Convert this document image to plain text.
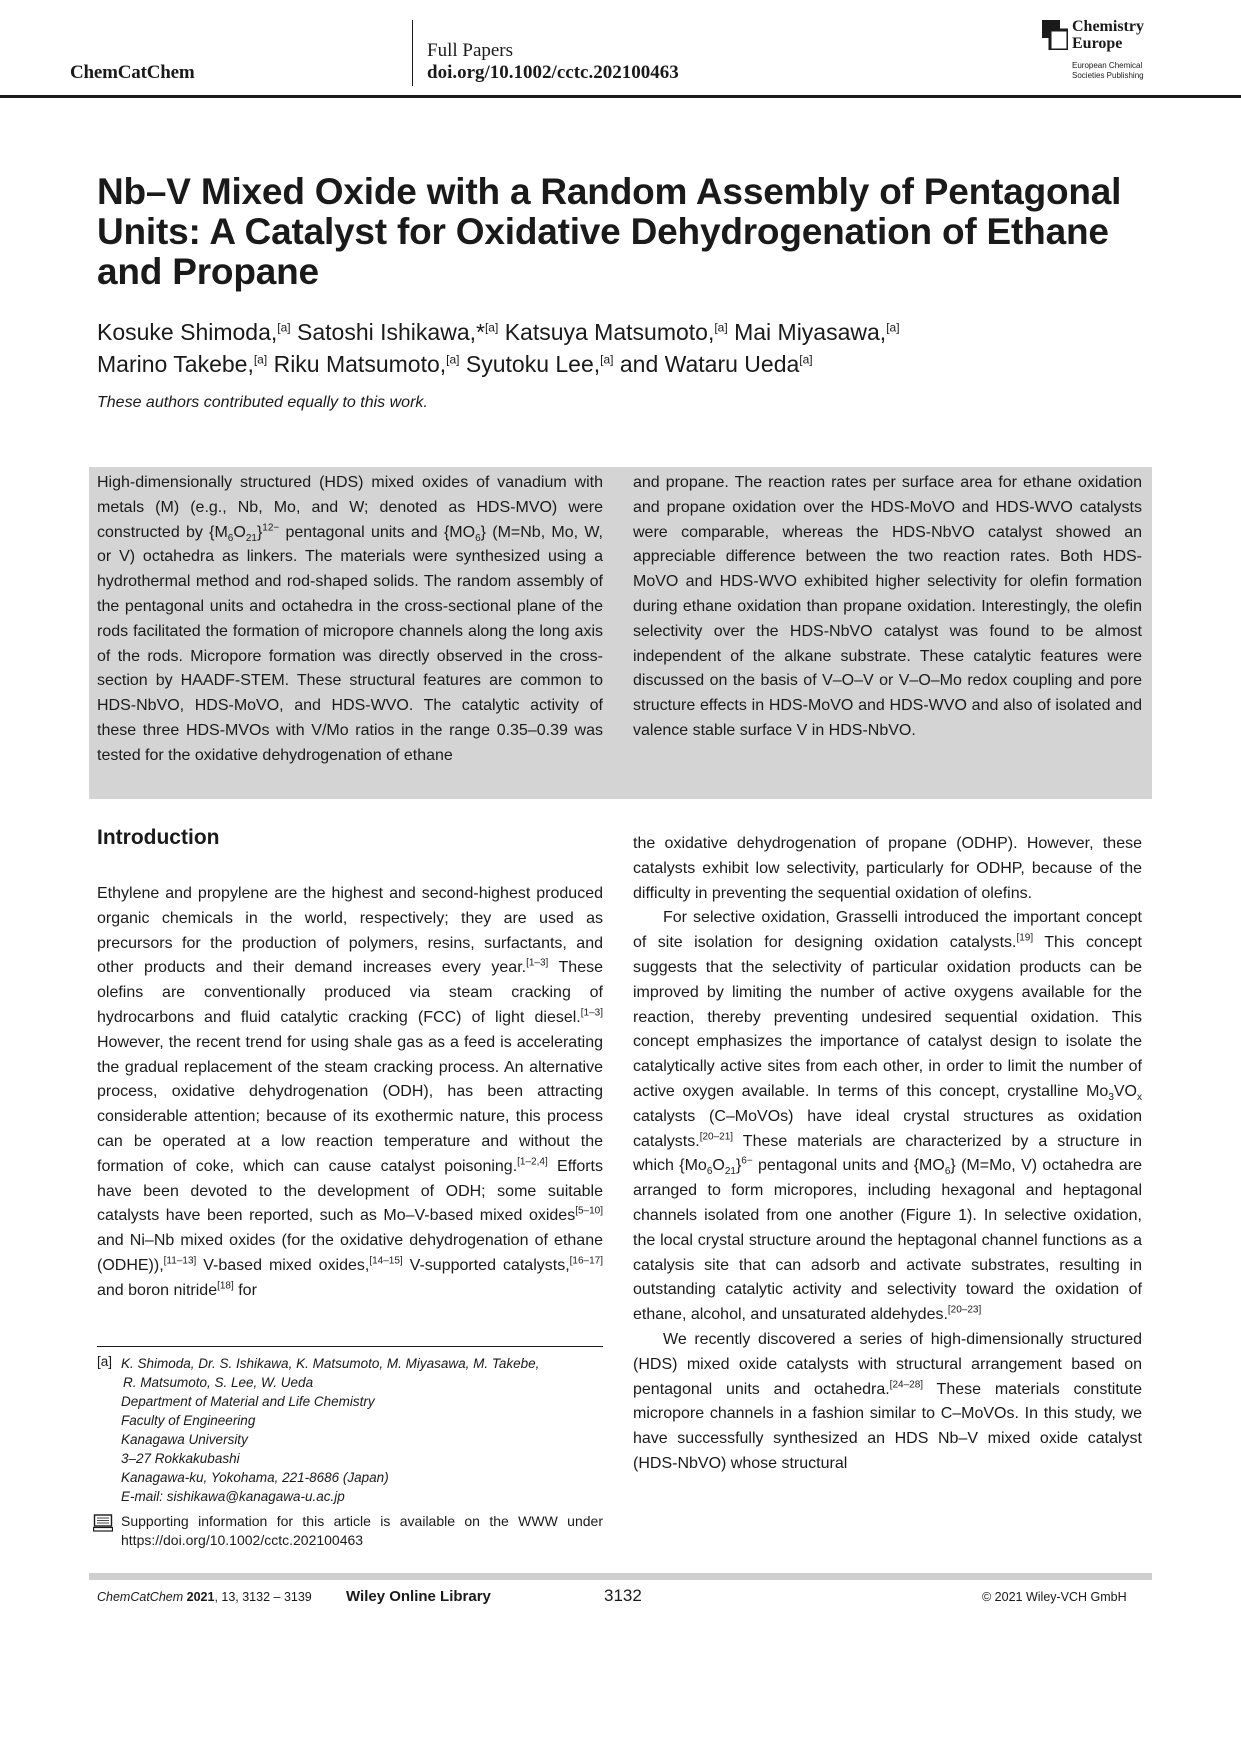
ChemCatChem
Full Papers
doi.org/10.1002/cctc.202100463
Chemistry
Europe
European Chemical
Societies Publishing
Nb–V Mixed Oxide with a Random Assembly of Pentagonal Units: A Catalyst for Oxidative Dehydrogenation of Ethane and Propane
Kosuke Shimoda,[a] Satoshi Ishikawa,*[a] Katsuya Matsumoto,[a] Mai Miyasawa,[a]
Marino Takebe,[a] Riku Matsumoto,[a] Syutoku Lee,[a] and Wataru Ueda[a]
These authors contributed equally to this work.

High-dimensionally structured (HDS) mixed oxides of vanadium with metals (M) (e.g., Nb, Mo, and W; denoted as HDS-MVO) were constructed by $\{M_6O_{21}\}^{12-}$ pentagonal units and $\{MO_6\}$ (M=Nb, Mo, W, or V) octahedra as linkers. The materials were synthesized using a hydrothermal method and rod-shaped solids. The random assembly of the pentagonal units and octahedra in the cross-sectional plane of the rods facilitated the formation of micropore channels along the long axis of the rods. Micropore formation was directly observed in the cross-section by HAADF-STEM. These structural features are common to HDS-NbVO, HDS-MoVO, and HDS-WVO. The catalytic activity of these three HDS-MVOs with V/Mo ratios in the range 0.35–0.39 was tested for the oxidative dehydrogenation of ethane

and propane. The reaction rates per surface area for ethane oxidation and propane oxidation over the HDS-MoVO and HDS-WVO catalysts were comparable, whereas the HDS-NbVO catalyst showed an appreciable difference between the two reaction rates. Both HDS-MoVO and HDS-WVO exhibited higher selectivity for olefin formation during ethane oxidation than propane oxidation. Interestingly, the olefin selectivity over the HDS-NbVO catalyst was found to be almost independent of the alkane substrate. These catalytic features were discussed on the basis of V–O–V or V–O–Mo redox coupling and pore structure effects in HDS-MoVO and HDS-WVO and also of isolated and valence stable surface V in HDS-NbVO.

Introduction

Ethylene and propylene are the highest and second-highest produced organic chemicals in the world, respectively; they are used as precursors for the production of polymers, resins, surfactants, and other products and their demand increases every year.[1–3] These olefins are conventionally produced via steam cracking of hydrocarbons and fluid catalytic cracking (FCC) of light diesel.[1–3] However, the recent trend for using shale gas as a feed is accelerating the gradual replacement of the steam cracking process. An alternative process, oxidative dehydrogenation (ODH), has been attracting considerable attention; because of its exothermic nature, this process can be operated at a low reaction temperature and without the formation of coke, which can cause catalyst poisoning.[1–2,4] Efforts have been devoted to the development of ODH; some suitable catalysts have been reported, such as Mo–V-based mixed oxides[5–10] and Ni–Nb mixed oxides (for the oxidative dehydrogenation of ethane (ODHE)),[11–13] V-based mixed oxides,[14–15] V-supported catalysts,[16–17] and boron nitride[18] for

the oxidative dehydrogenation of propane (ODHP). However, these catalysts exhibit low selectivity, particularly for ODHP, because of the difficulty in preventing the sequential oxidation of olefins.

For selective oxidation, Grasselli introduced the important concept of site isolation for designing oxidation catalysts.[19] This concept suggests that the selectivity of particular oxidation products can be improved by limiting the number of active oxygens available for the reaction, thereby preventing undesired sequential oxidation. This concept emphasizes the importance of catalyst design to isolate the catalytically active sites from each other, in order to limit the number of active oxygen available. In terms of this concept, crystalline $Mo_3VO_x$ catalysts (C–MoVOs) have ideal crystal structures as oxidation catalysts.[20–21] These materials are characterized by a structure in which $\{Mo_6O_{21}\}^{6-}$ pentagonal units and $\{MO_6\}$ (M=Mo, V) octahedra are arranged to form micropores, including hexagonal and heptagonal channels isolated from one another (Figure 1). In selective oxidation, the local crystal structure around the heptagonal channel functions as a catalysis site that can adsorb and activate substrates, resulting in outstanding catalytic activity and selectivity toward the oxidation of ethane, alcohol, and unsaturated aldehydes.[20–23]

We recently discovered a series of high-dimensionally structured (HDS) mixed oxide catalysts with structural arrangement based on pentagonal units and octahedra.[24–28] These materials constitute micropore channels in a fashion similar to C–MoVOs. In this study, we have successfully synthesized an HDS Nb–V mixed oxide catalyst (HDS-NbVO) whose structural

[a] K. Shimoda, Dr. S. Ishikawa, K. Matsumoto, M. Miyasawa, M. Takebe,
R. Matsumoto, S. Lee, W. Ueda
Department of Material and Life Chemistry
Faculty of Engineering
Kanagawa University
3–27 Rokkakubashi
Kanagawa-ku, Yokohama, 221-8686 (Japan)
E-mail: sishikawa@kanagawa-u.ac.jp

Supporting information for this article is available on the WWW under https://doi.org/10.1002/cctc.202100463

ChemCatChem 2021, 13, 3132 – 3139 Wiley Online Library	3132	© 2021 Wiley-VCH GmbH
